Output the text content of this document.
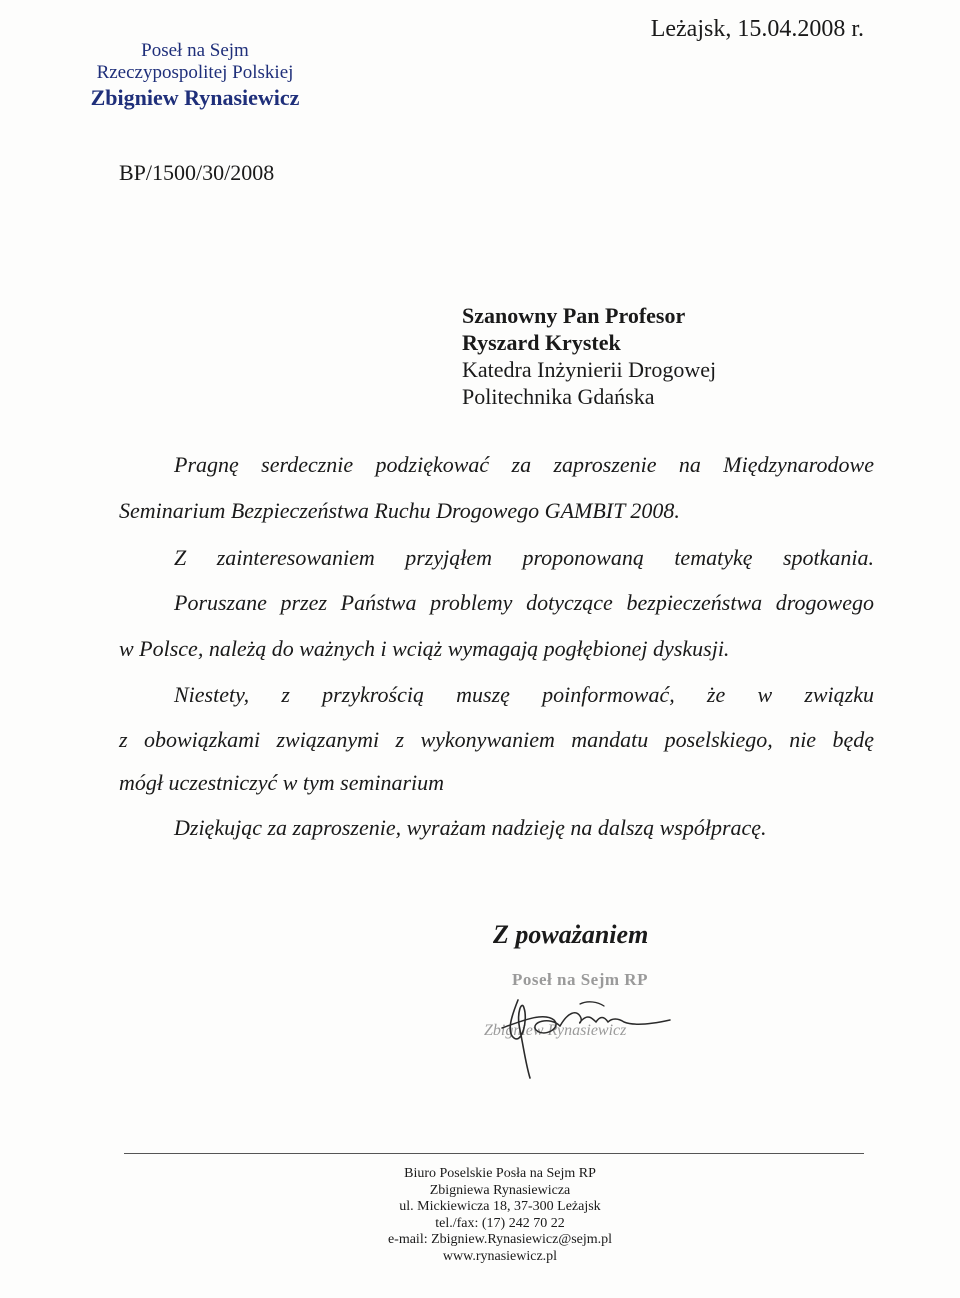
Poseł na Sejm
Rzeczypospolitej Polskiej
Zbigniew Rynasiewicz
Leżajsk, 15.04.2008 r.
BP/1500/30/2008
Szanowny Pan Profesor
Ryszard Krystek
Katedra Inżynierii Drogowej
Politechnika Gdańska
Pragnę serdecznie podziękować za zaproszenie na Międzynarodowe
Seminarium Bezpieczeństwa Ruchu Drogowego GAMBIT 2008.
Z zainteresowaniem przyjąłem proponowaną tematykę spotkania.
Poruszane przez Państwa problemy dotyczące bezpieczeństwa drogowego
w Polsce, należą do ważnych i wciąż wymagają pogłębionej dyskusji.
Niestety, z przykrością muszę poinformować, że w związku
z obowiązkami związanymi z wykonywaniem mandatu poselskiego, nie będę
mógł uczestniczyć w tym seminarium
Dziękując za zaproszenie, wyrażam nadzieję na dalszą współpracę.
Z poważaniem
Poseł na Sejm RP
Zbigniew Rynasiewicz
Biuro Poselskie Posła na Sejm RP
Zbigniewa Rynasiewicza
ul. Mickiewicza 18, 37-300 Leżajsk
tel./fax: (17) 242 70 22
e-mail: Zbigniew.Rynasiewicz@sejm.pl
www.rynasiewicz.pl
